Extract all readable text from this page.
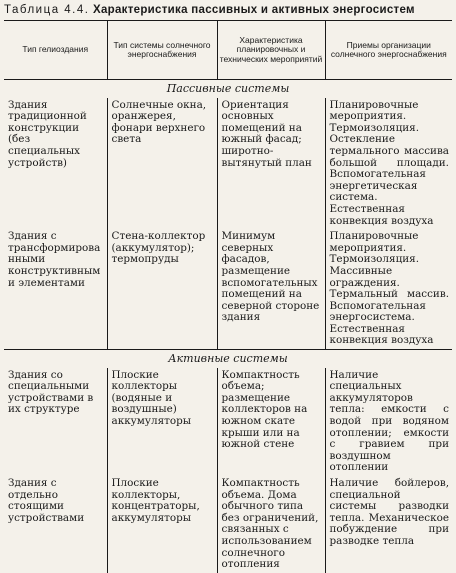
Таблица 4.4. Характеристика пассивных и активных энергосистем
Тип гелиоздания	Тип системы солнечного энергоснабжения	Характеристика планировочных и технических мероприятий	Приемы организации солнечного энергоснабжения
Пассивные системы			
Здания традиционной конструкции (без специальных устройств)	Солнечные окна, оранжерея, фонари верхнего света	Ориентация основных помещений на южный фасад; широтно-вытянутый план	Планировочные мероприятия. Термоизоляция. Остекление термального массива большой площади. Вспомогательная энергетическая система. Естественная конвекция воздуха
Здания с трансформированными конструктивными элементами	Стена-коллектор (аккумулятор); термопруды	Минимум северных фасадов, размещение вспомогательных помещений на северной стороне здания	Планировочные мероприятия. Термоизоляция. Массивные ограждения. Термальный массив. Вспомогательная энергосистема. Естественная конвекция воздуха
Активные системы			
Здания со специальными устройствами в их структуре	Плоские коллекторы (водяные и воздушные) аккумуляторы	Компактность объема; размещение коллекторов на южном скате крыши или на южной стене	Наличие специальных аккумуляторов тепла: емкости с водой при водяном отоплении; емкости с гравием при воздушном отоплении
Здания с отдельно стоящими устройствами	Плоские коллекторы, концентраторы, аккумуляторы	Компактность объема. Дома обычного типа без ограничений, связанных с использованием солнечного отопления	Наличие бойлеров, специальной системы разводки тепла. Механическое побуждение при разводке тепла
